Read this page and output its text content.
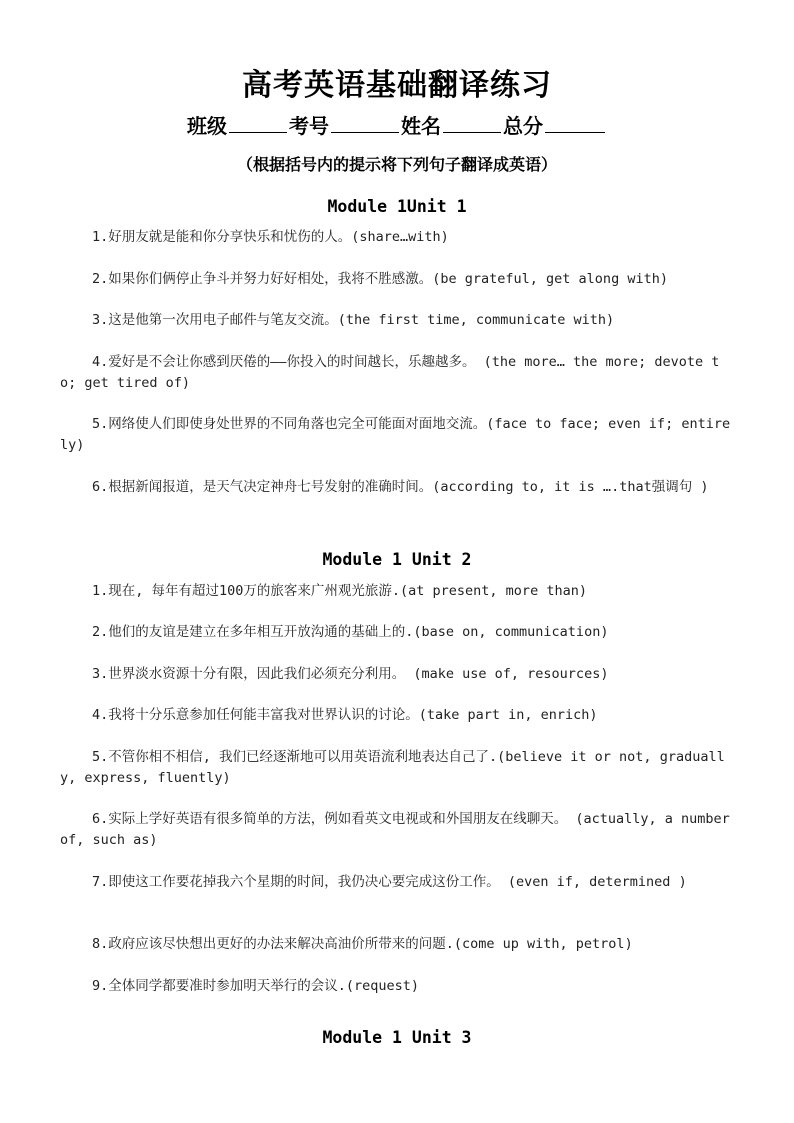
高考英语基础翻译练习
班级	考号	姓名	总分
（根据括号内的提示将下列句子翻译成英语）
Module 1Unit 1
1.好朋友就是能和你分享快乐和忧伤的人。(share…with)
2.如果你们俩停止争斗并努力好好相处，我将不胜感激。(be grateful, get along with)
3.这是他第一次用电子邮件与笔友交流。(the first time, communicate with)
4.爱好是不会让你感到厌倦的——你投入的时间越长，乐趣越多。 (the more… the more; devote to; get tired of)
5.网络使人们即使身处世界的不同角落也完全可能面对面地交流。(face to face; even if; entirely)
6.根据新闻报道，是天气决定神舟七号发射的准确时间。(according to, it is ….that强调句 )
Module 1 Unit 2
1.现在, 每年有超过100万的旅客来广州观光旅游.(at present, more than)
2.他们的友谊是建立在多年相互开放沟通的基础上的.(base on, communication)
3.世界淡水资源十分有限，因此我们必须充分利用。 (make use of, resources)
4.我将十分乐意参加任何能丰富我对世界认识的讨论。(take part in, enrich)
5.不管你相不相信, 我们已经逐渐地可以用英语流利地表达自己了.(believe it or not, gradually, express, fluently)
6.实际上学好英语有很多简单的方法，例如看英文电视或和外国朋友在线聊天。 (actually, a number of, such as)
7.即使这工作要花掉我六个星期的时间，我仍决心要完成这份工作。 (even if, determined )
8.政府应该尽快想出更好的办法来解决高油价所带来的问题.(come up with, petrol)
9.全体同学都要准时参加明天举行的会议.(request)
Module 1 Unit 3
